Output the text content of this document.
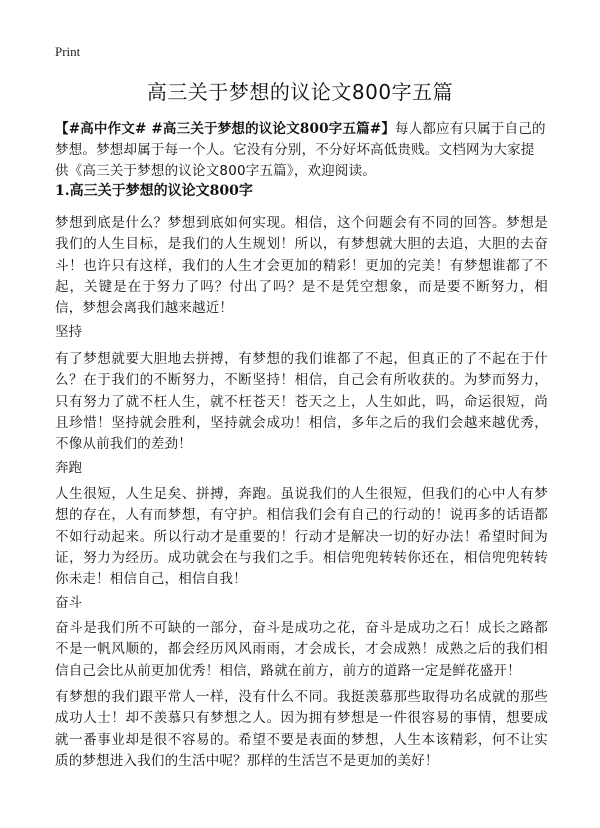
Print
高三关于梦想的议论文800字五篇

【#高中作文# #高三关于梦想的议论文800字五篇#】每人都应有只属于自己的梦想。梦想却属于每一个人。它没有分别，不分好坏高低贵贱。文档网为大家提供《高三关于梦想的议论文800字五篇》，欢迎阅读。

1.高三关于梦想的议论文800字

梦想到底是什么？梦想到底如何实现。相信，这个问题会有不同的回答。梦想是我们的人生目标，是我们的人生规划！所以，有梦想就大胆的去追，大胆的去奋斗！也许只有这样，我们的人生才会更加的精彩！更加的完美！有梦想谁都了不起，关键是在于努力了吗？付出了吗？是不是凭空想象，而是要不断努力，相信，梦想会离我们越来越近！

坚持

有了梦想就要大胆地去拼搏，有梦想的我们谁都了不起，但真正的了不起在于什么？在于我们的不断努力，不断坚持！相信，自己会有所收获的。为梦而努力，只有努力了就不枉人生，就不枉苍天！苍天之上，人生如此，吗，命运很短，尚且珍惜！坚持就会胜利，坚持就会成功！相信，多年之后的我们会越来越优秀，不像从前我们的差劲！

奔跑

人生很短，人生足矣、拼搏，奔跑。虽说我们的人生很短，但我们的心中人有梦想的存在，人有而梦想，有守护。相信我们会有自己的行动的！说再多的话语都不如行动起来。所以行动才是重要的！行动才是解决一切的好办法！希望时间为证，努力为经历。成功就会在与我们之手。相信兜兜转转你还在，相信兜兜转转你未走！相信自己，相信自我！

奋斗

奋斗是我们所不可缺的一部分，奋斗是成功之花，奋斗是成功之石！成长之路都不是一帆风顺的，都会经历风风雨雨，才会成长，才会成熟！成熟之后的我们相信自己会比从前更加优秀！相信，路就在前方，前方的道路一定是鲜花盛开！

有梦想的我们跟平常人一样，没有什么不同。我挺羡慕那些取得功名成就的那些成功人士！却不羡慕只有梦想之人。因为拥有梦想是一件很容易的事情，想要成就一番事业却是很不容易的。希望不要是表面的梦想，人生本该精彩，何不让实质的梦想进入我们的生活中呢？那样的生活岂不是更加的美好！
